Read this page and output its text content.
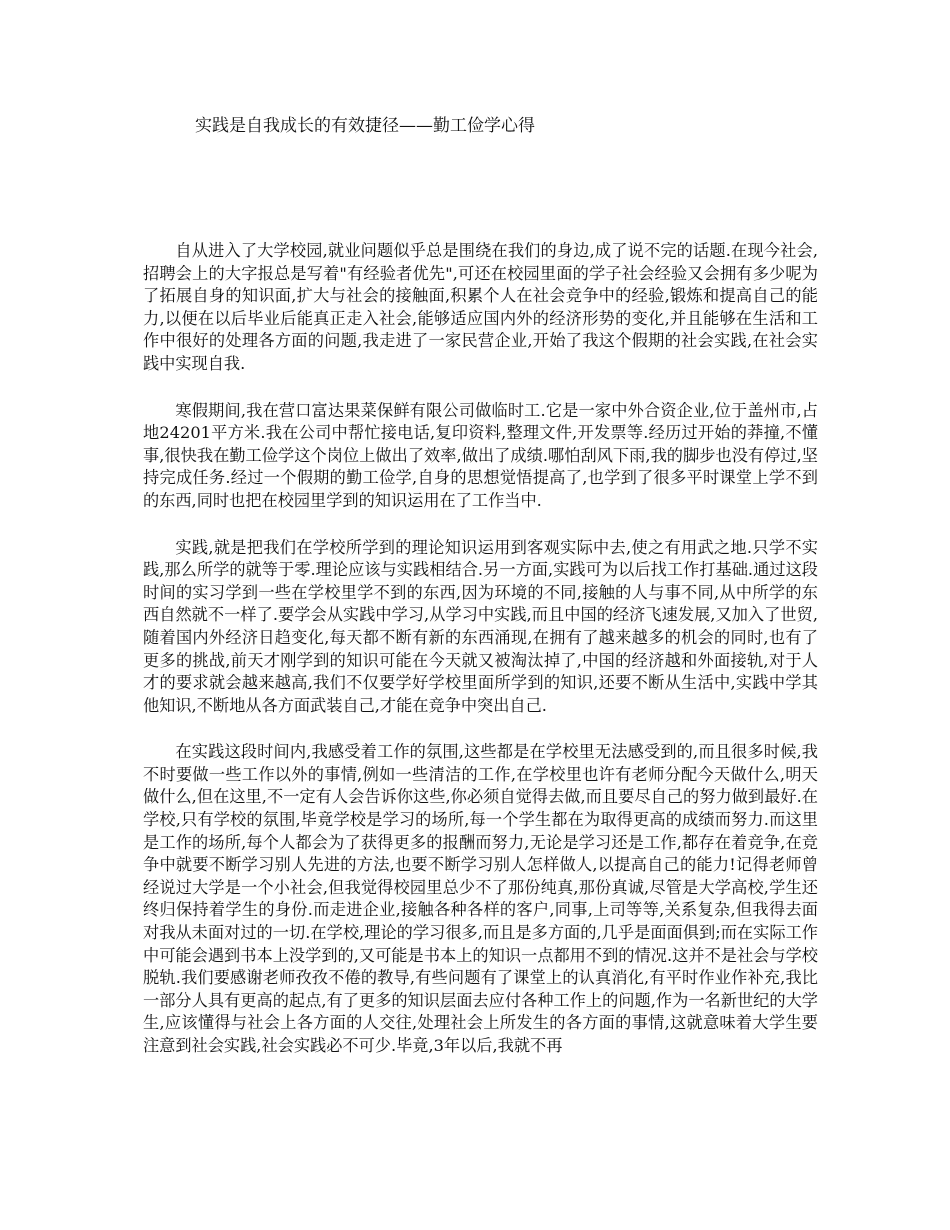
实践是自我成长的有效捷径——勤工俭学心得

自从进入了大学校园,就业问题似乎总是围绕在我们的身边,成了说不完的话题.在现今社会,招聘会上的大字报总是写着"有经验者优先",可还在校园里面的学子社会经验又会拥有多少呢为了拓展自身的知识面,扩大与社会的接触面,积累个人在社会竞争中的经验,锻炼和提高自己的能力,以便在以后毕业后能真正走入社会,能够适应国内外的经济形势的变化,并且能够在生活和工作中很好的处理各方面的问题,我走进了一家民营企业,开始了我这个假期的社会实践,在社会实践中实现自我.

寒假期间,我在营口富达果菜保鲜有限公司做临时工.它是一家中外合资企业,位于盖州市,占地24201平方米.我在公司中帮忙接电话,复印资料,整理文件,开发票等.经历过开始的莽撞,不懂事,很快我在勤工俭学这个岗位上做出了效率,做出了成绩.哪怕刮风下雨,我的脚步也没有停过,坚持完成任务.经过一个假期的勤工俭学,自身的思想觉悟提高了,也学到了很多平时课堂上学不到的东西,同时也把在校园里学到的知识运用在了工作当中.

实践,就是把我们在学校所学到的理论知识运用到客观实际中去,使之有用武之地.只学不实践,那么所学的就等于零.理论应该与实践相结合.另一方面,实践可为以后找工作打基础.通过这段时间的实习学到一些在学校里学不到的东西,因为环境的不同,接触的人与事不同,从中所学的东西自然就不一样了.要学会从实践中学习,从学习中实践,而且中国的经济飞速发展,又加入了世贸,随着国内外经济日趋变化,每天都不断有新的东西涌现,在拥有了越来越多的机会的同时,也有了更多的挑战,前天才刚学到的知识可能在今天就又被淘汰掉了,中国的经济越和外面接轨,对于人才的要求就会越来越高,我们不仅要学好学校里面所学到的知识,还要不断从生活中,实践中学其他知识,不断地从各方面武装自己,才能在竞争中突出自己.

在实践这段时间内,我感受着工作的氛围,这些都是在学校里无法感受到的,而且很多时候,我不时要做一些工作以外的事情,例如一些清洁的工作,在学校里也许有老师分配今天做什么,明天做什么,但在这里,不一定有人会告诉你这些,你必须自觉得去做,而且要尽自己的努力做到最好.在学校,只有学校的氛围,毕竟学校是学习的场所,每一个学生都在为取得更高的成绩而努力.而这里是工作的场所,每个人都会为了获得更多的报酬而努力,无论是学习还是工作,都存在着竞争,在竞争中就要不断学习别人先进的方法,也要不断学习别人怎样做人,以提高自己的能力!记得老师曾经说过大学是一个小社会,但我觉得校园里总少不了那份纯真,那份真诚,尽管是大学高校,学生还终归保持着学生的身份.而走进企业,接触各种各样的客户,同事,上司等等,关系复杂,但我得去面对我从未面对过的一切.在学校,理论的学习很多,而且是多方面的,几乎是面面俱到;而在实际工作中可能会遇到书本上没学到的,又可能是书本上的知识一点都用不到的情况.这并不是社会与学校脱轨.我们要感谢老师孜孜不倦的教导,有些问题有了课堂上的认真消化,有平时作业作补充,我比一部分人具有更高的起点,有了更多的知识层面去应付各种工作上的问题,作为一名新世纪的大学生,应该懂得与社会上各方面的人交往,处理社会上所发生的各方面的事情,这就意味着大学生要注意到社会实践,社会实践必不可少.毕竟,3年以后,我就不再
